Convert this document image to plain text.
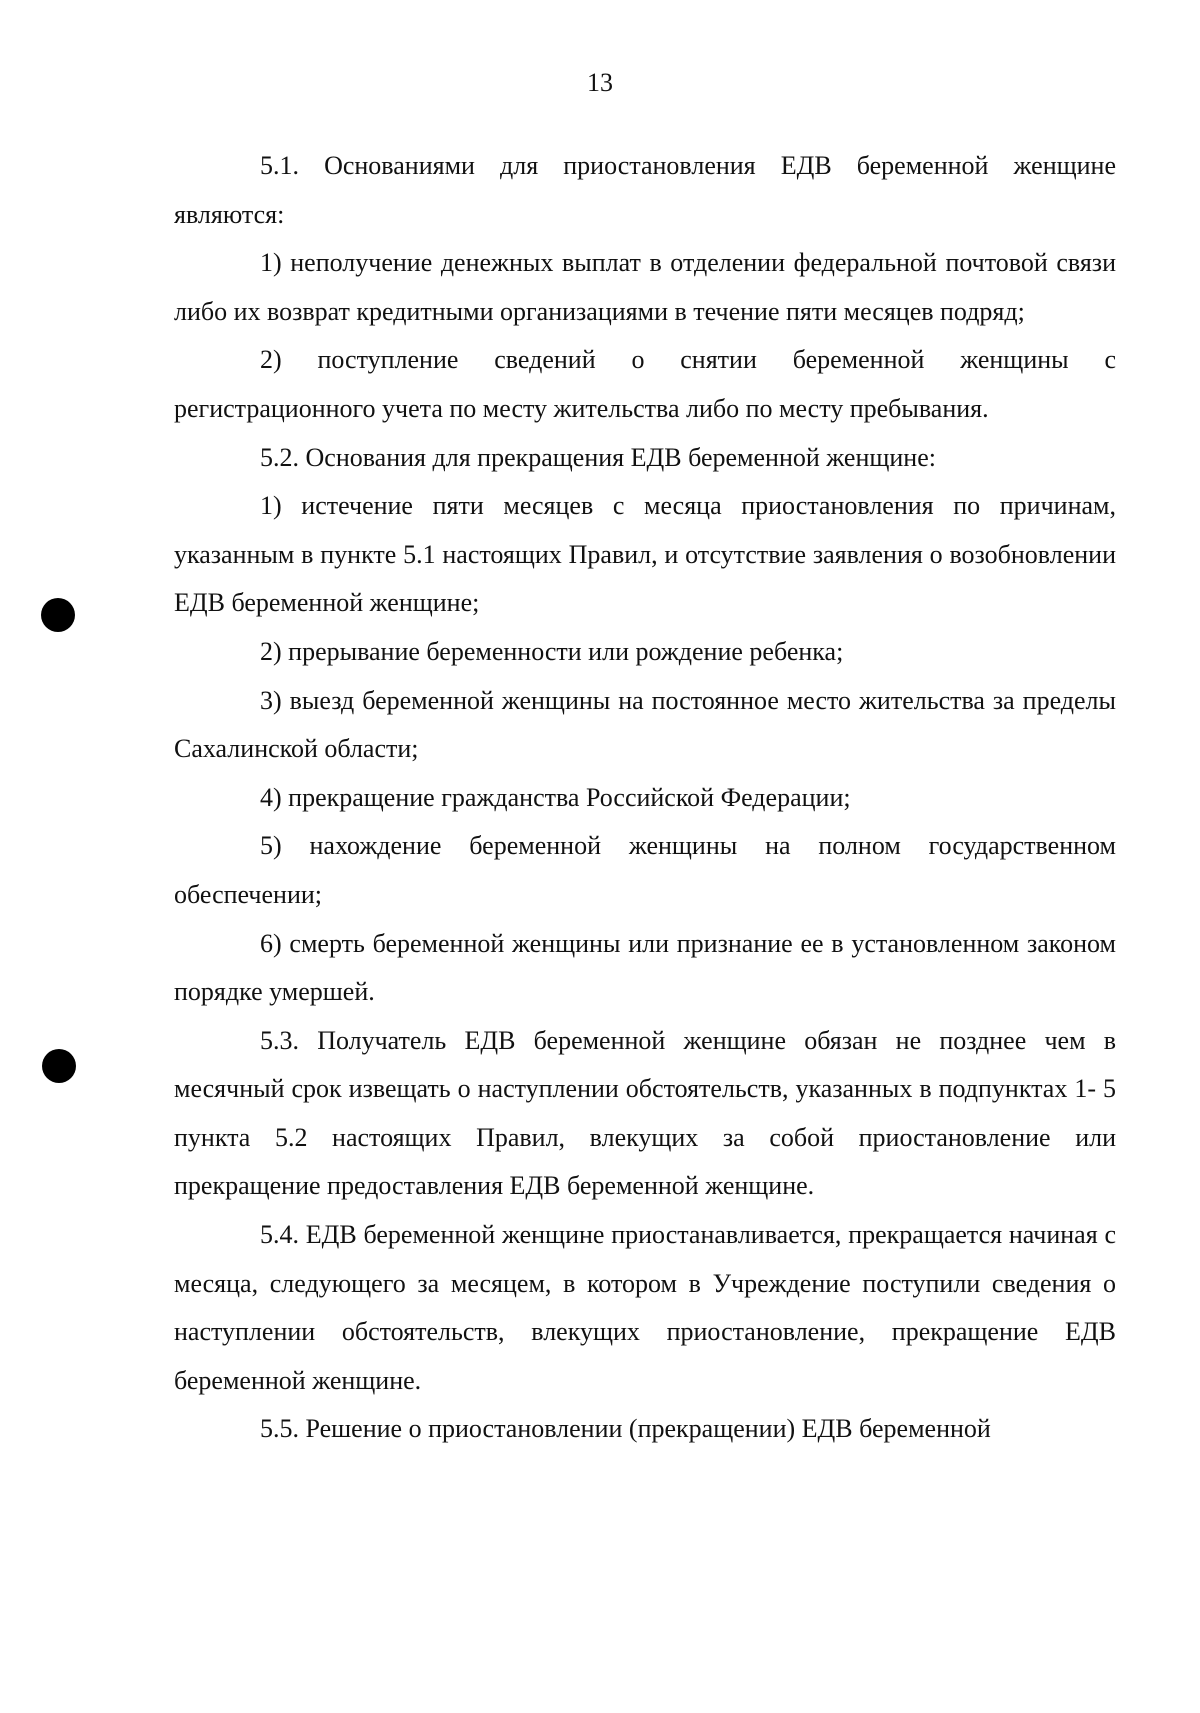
13

5.1. Основаниями для приостановления ЕДВ беременной женщине являются:

1) неполучение денежных выплат в отделении федеральной почтовой связи либо их возврат кредитными организациями в течение пяти месяцев подряд;

2) поступление сведений о снятии беременной женщины с регистрационного учета по месту жительства либо по месту пребывания.

5.2. Основания для прекращения ЕДВ беременной женщине:

1) истечение пяти месяцев с месяца приостановления по причинам, указанным в пункте 5.1 настоящих Правил, и отсутствие заявления о возобновлении ЕДВ беременной женщине;

2) прерывание беременности или рождение ребенка;

3) выезд беременной женщины на постоянное место жительства за пределы Сахалинской области;

4) прекращение гражданства Российской Федерации;

5) нахождение беременной женщины на полном государственном обеспечении;

6) смерть беременной женщины или признание ее в установленном законом порядке умершей.

5.3. Получатель ЕДВ беременной женщине обязан не позднее чем в месячный срок извещать о наступлении обстоятельств, указанных в подпунктах 1- 5 пункта 5.2 настоящих Правил, влекущих за собой приостановление или прекращение предоставления ЕДВ беременной женщине.

5.4. ЕДВ беременной женщине приостанавливается, прекращается начиная с месяца, следующего за месяцем, в котором в Учреждение поступили сведения о наступлении обстоятельств, влекущих приостановление, прекращение ЕДВ беременной женщине.

5.5. Решение о приостановлении (прекращении) ЕДВ беременной
